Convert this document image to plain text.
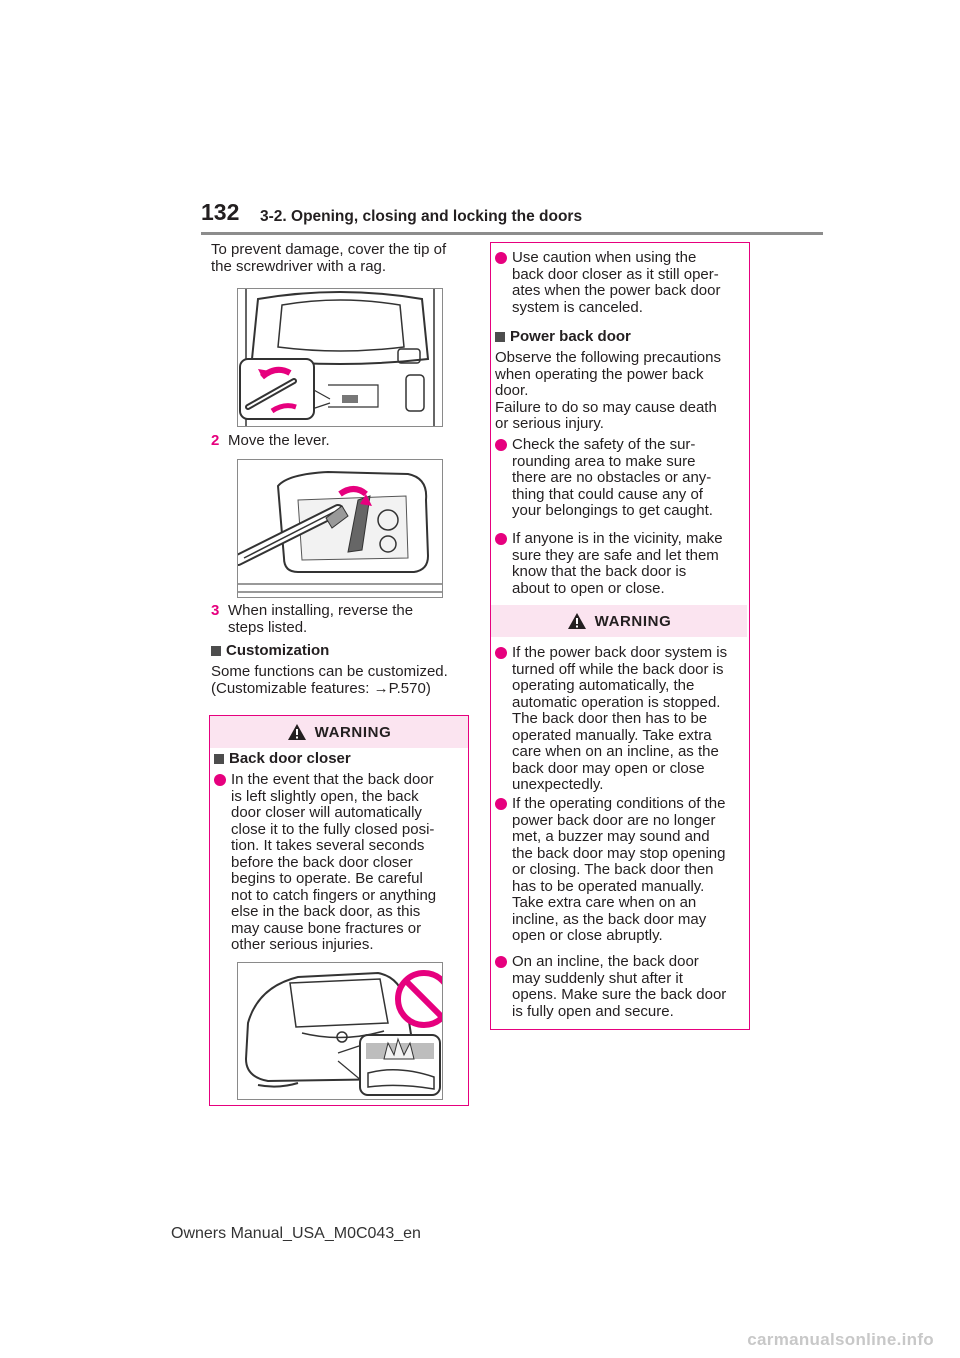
132 3-2. Opening, closing and locking the doors
To prevent damage, cover the tip of
the screwdriver with a rag.
2 Move the lever.
3 When installing, reverse the
steps listed.
Customization
Some functions can be customized.
(Customizable features: →P.570)
WARNING
Back door closer
In the event that the back door
is left slightly open, the back
door closer will automatically
close it to the fully closed posi-
tion. It takes several seconds
before the back door closer
begins to operate. Be careful
not to catch fingers or anything
else in the back door, as this
may cause bone fractures or
other serious injuries.
WARNING
Use caution when using the
back door closer as it still oper-
ates when the power back door
system is canceled.
Power back door
Observe the following precautions
when operating the power back
door.
Failure to do so may cause death
or serious injury.
Check the safety of the sur-
rounding area to make sure
there are no obstacles or any-
thing that could cause any of
your belongings to get caught.
If anyone is in the vicinity, make
sure they are safe and let them
know that the back door is
about to open or close.
If the power back door system is
turned off while the back door is
operating automatically, the
automatic operation is stopped.
The back door then has to be
operated manually. Take extra
care when on an incline, as the
back door may open or close
unexpectedly.
If the operating conditions of the
power back door are no longer
met, a buzzer may sound and
the back door may stop opening
or closing. The back door then
has to be operated manually.
Take extra care when on an
incline, as the back door may
open or close abruptly.
On an incline, the back door
may suddenly shut after it
opens. Make sure the back door
is fully open and secure.
Owners Manual_USA_M0C043_en
carmanualsonline.info
